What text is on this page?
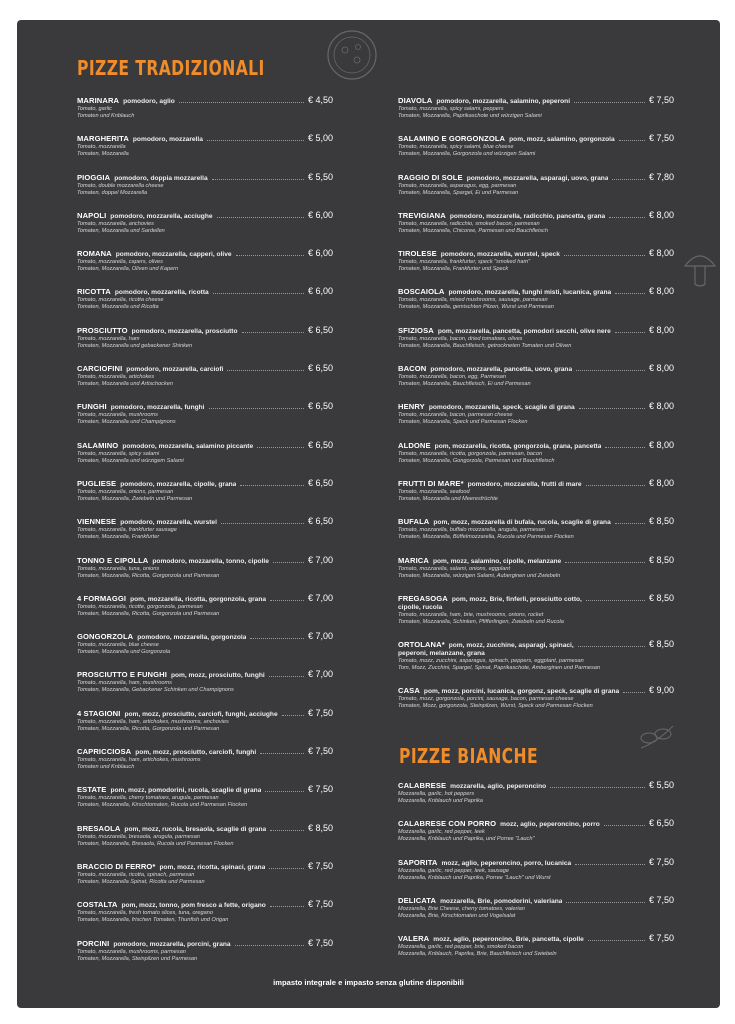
PIZZE TRADIZIONALI
PIZZE BIANCHE
MARINARA pomodoro, aglio	€ 4,50
Tomato, garlic
Tomaten und Knblauch
MARGHERITA pomodoro, mozzarella	€ 5,00
Tomato, mozzarella
Tomaten, Mozzarella
PIOGGIA pomodoro, doppia mozzarella	€ 5,50
Tomato, double mozzarella cheese
Tomaten, doppel Mozzarella
NAPOLI pomodoro, mozzarella, acciughe	€ 6,00
Tomato, mozzarella, anchovies
Tomaten, Mozzarella und Sardellen
ROMANA pomodoro, mozzarella, capperi, olive	€ 6,00
Tomato, mozzarella, capers, olives
Tomaten, Mozzarella, Oliven und Kapern
RICOTTA pomodoro, mozzarella, ricotta	€ 6,00
Tomato, mozzarella, ricotta cheese
Tomaten, Mozzarella und Ricotta
PROSCIUTTO pomodoro, mozzarella, prosciutto	€ 6,50
Tomato, mozzarella, ham
Tomaten, Mozzarella und gebackener Shinken
CARCIOFINI pomodoro, mozzarella, carciofi	€ 6,50
Tomato, mozzarella, artichokes
Tomaten, Mozzarella und Artischocken
FUNGHI pomodoro, mozzarella, funghi	€ 6,50
Tomato, mozzarella, mushrooms
Tomaten, Mozzarella und Champignons
SALAMINO pomodoro, mozzarella, salamino piccante	€ 6,50
Tomato, mozzarella, spicy salami
Tomaten, Mozzarella und würzigem Salami
PUGLIESE pomodoro, mozzarella, cipolle, grana	€ 6,50
Tomato, mozzarella, onions, parmesan
Tomaten, Mozzarella, Zwiebeln und Parmesan
VIENNESE pomodoro, mozzarella, wurstel	€ 6,50
Tomato, mozzarella, frankfurter sausage
Tomaten, Mozzarella, Frankfurter
TONNO E CIPOLLA pomodoro, mozzarella, tonno, cipolle	€ 7,00
Tomato, mozzarella, tuna, onions
Tomaten, Mozzarella, Ricotta, Gorgonzola und Parmesan
4 FORMAGGI pom, mozzarella, ricotta, gorgonzola, grana	€ 7,00
Tomato, mozzarella, ricotte, gorgonzola, parmesan
Tomaten, Mozzarella, Ricotta, Gorgonzola und Parmesan
GONGORZOLA pomodoro, mozzarella, gorgonzola	€ 7,00
Tomato, mozzarella, blue cheese
Tomaten, Mozzarella und Gorgonzola
PROSCIUTTO E FUNGHI pom, mozz, prosciutto, funghi	€ 7,00
Tomato, mozzarella, ham, mushrooms
Tomaten, Mozzarella, Gebackener Schinken und Champignons
4 STAGIONI pom, mozz, prosciutto, carciofi, funghi, acciughe	€ 7,50
Tomato, mozzarella, ham, artichokes, mushrooms, anchovies
Tomaten, Mozzarella, Ricotta, Gorgonzola und Parmesan
CAPRICCIOSA pom, mozz, prosciutto, carciofi, funghi	€ 7,50
Tomato, mozzarella, ham, artichokes, mushrooms
Tomaten und Knblauch
ESTATE pom, mozz, pomodorini, rucola, scaglie di grana	€ 7,50
Tomato, mozzarella, cherry tomatoes, arugula, parmesan
Tomaten, Mozzarella, Kirschtomaten, Rucola und Parmesan Flocken
BRESAOLA pom, mozz, rucola, bresaola, scaglie di grana	€ 8,50
Tomato, mozzarella, bresaola, arugula, parmesan
Tomaten, Mozzarella, Bresaola, Rucola und Parmesan Flocken
BRACCIO DI FERRO* pom, mozz, ricotta, spinaci, grana	€ 7,50
Tomato, mozzarella, ricotta, spinach, parmesan
Tomaten, Mozzarella Spinat, Ricotta und Parmesan
COSTALTA pom, mozz, tonno, pom fresco a fette, origano	€ 7,50
Tomato, mozzarella, fresh tomato slices, tuna, oregano
Tomaten, Mozzarella, frischen Tomaten, Thunfish und Origan
PORCINI pomodoro, mozzarella, porcini, grana	€ 7,50
Tomato, mozzarella, mushrooms, parmesan
Tomaten, Mozzarella, Steinpilzen und Parmesan
DIAVOLA pomodoro, mozzarella, salamino, peperoni	€ 7,50
Tomato, mozzarella, spicy salami, peppers
Tomaten, Mozzarella, Paprikaschote und würzigen Salami
SALAMINO E GORGONZOLA pom, mozz, salamino, gorgonzola	€ 7,50
Tomato, mozzarella, spicy salami, blue cheese
Tomaten, Mozzarella, Gorgonzola und würzigen Salami
RAGGIO DI SOLE pomodoro, mozzarella, asparagi, uovo, grana	€ 7,80
Tomato, mozzarella, asparagus, egg, parmesan
Tomaten, Mozzarella, Spargel, Ei und Parmesan
TREVIGIANA pomodoro, mozzarella, radicchio, pancetta, grana	€ 8,00
Tomato, mozzarella, radicchio, smoked bacon, parmesan
Tomaten, Mozzarella, Chicoree, Parmesan und Bauchfleisch
TIROLESE pomodoro, mozzarella, wurstel, speck	€ 8,00
Tomato, mozzarella, frankfurter, speck "smoked ham"
Tomaten, Mozzarella, Frankfurter und Speck
BOSCAIOLA pomodoro, mozzarella, funghi misti, lucanica, grana	€ 8,00
Tomato, mozzarella, mixed mushrooms, sausage, parmesan
Tomaten, Mozzarella, gemischten Pilzen, Wurst und Parmesan
SFIZIOSA pom, mozzarella, pancetta, pomodori secchi, olive nere	€ 8,00
Tomato, mozzarella, bacon, dried tomatoes, olives
Tomaten, Mozzarella, Bauchfleisch, getrockneten Tomaten und Oliven
BACON pomodoro, mozzarella, pancetta, uovo, grana	€ 8,00
Tomato, mozzarella, bacon, egg, Parmesan
Tomaten, Mozzarella, Bauchfleisch, Ei und Parmesan
HENRY pomodoro, mozzarella, speck, scaglie di grana	€ 8,00
Tomato, mozzarella, bacon, parmesan cheese
Tomaten, Mozzarella, Speck und Parmesan Flocken
ALDONE pom, mozzarella, ricotta, gongorzola, grana, pancetta	€ 8,00
Tomato, mozzarella, ricotta, gorgonzola, parmesan, bacon
Tomaten, Mozzarella, Gongorzola, Parmesan und Bauchfleisch
FRUTTI DI MARE* pomodoro, mozzarella, frutti di mare	€ 8,00
Tomato, mozzarella, seafood
Tomaten, Mozzarella und Meeresfrüchte
BUFALA pom, mozz, mozzarella di bufala, rucola, scaglie di grana	€ 8,50
Tomato, mozzarella, buffalo mozzarella, arugula, parmesan
Tomaten, Mozzarella, Büffelmozzarella, Rucola und Parmesan Flocken
MARICA pom, mozz, salamino, cipolle, melanzane	€ 8,50
Tomato, mozzarella, salami, onions, eggplant
Tomaten, Mozzarella, würzigen Salami, Auberginen und Zwiebeln
FREGASOGA pom, mozz, Brie, finferli, prosciutto cotto,	€ 8,50
cipolle, rucola
Tomato, mozzarella, ham, brie, mushrooms, onions, rocket
Tomaten, Mozzarella, Schinken, Pfifferlingen, Zwiebeln und Rucola
ORTOLANA* pom, mozz, zucchine, asparagi, spinaci,	€ 8,50
peperoni, melanzane, grana
Tomato, mozz, zucchini, asparagus, spinach, peppers, eggplant, parmesan
Tom, Mozz, Zucchini, Spargel, Spinat, Paprikaschote, Amberginen und Parmesan
CASA pom, mozz, porcini, lucanica, gorgonz, speck, scaglie di grana	€ 9,00
Tomato, mozz, gorgonzola, porcini, sausage, bacon, parmesan cheese
Tomaten, Mozz, gorgonzola, Steinpilzen, Wurst, Speck und Parmesan Flocken
CALABRESE mozzarella, aglio, peperoncino	€ 5,50
Mozzarella, garlic, hot peppers
Mozzarella, Knblauch und Paprika
CALABRESE CON PORRO mozz, aglio, peperoncino, porro	€ 6,50
Mozzarella, garlic, red pepper, leek
Mozzarella, Knblauch und Paprika, und Porree "Lauch"
SAPORITA mozz, aglio, peperoncino, porro, lucanica	€ 7,50
Mozzarella, garlic, red pepper, leek, sausage
Mozzarella, Knblauch und Paprika, Porree "Lauch" und Wurst
DELICATA mozzarella, Brie, pomodorini, valeriana	€ 7,50
Mozzarella, Brie Cheese, cherry tomatoes, valerian
Mozzarella, Brie, Kirschtomaten und Vogelsalat
VALERA mozz, aglio, peperoncino, Brie, pancetta, cipolle	€ 7,50
Mozzarella, garlic, red pepper, brie, smoked bacon
Mozzarella, Knblauch, Paprika, Brie, Bauchfleisch und Swiebeln
impasto integrale e impasto senza glutine disponibili
